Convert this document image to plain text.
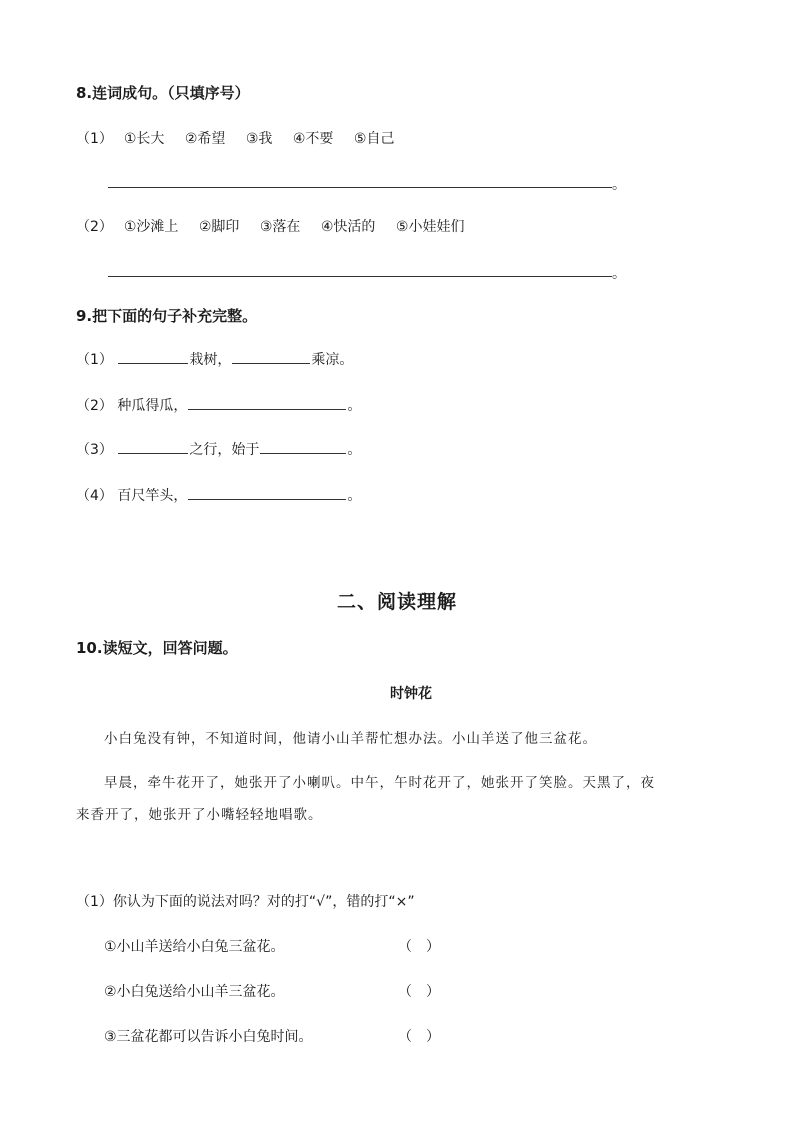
8.连词成句。（只填序号）
（1） ①长大 ②希望 ③我 ④不要 ⑤自己
。
（2） ①沙滩上 ②脚印 ③落在 ④快活的 ⑤小娃娃们
。
9.把下面的句子补充完整。
（1）	栽树，	乘凉。
（2） 种瓜得瓜，	。
（3）	之行，始于	。
（4） 百尺竿头，	。
二、阅读理解
10.读短文，回答问题。
时钟花
小白兔没有钟，不知道时间，他请小山羊帮忙想办法。小山羊送了他三盆花。
早晨，牵牛花开了，她张开了小喇叭。中午，午时花开了，她张开了笑脸。天黑了，夜
来香开了，她张开了小嘴轻轻地唱歌。
（1）你认为下面的说法对吗？对的打“√”，错的打“×”
①小山羊送给小白兔三盆花。	（ ）
②小白兔送给小山羊三盆花。	（ ）
③三盆花都可以告诉小白兔时间。	（ ）
